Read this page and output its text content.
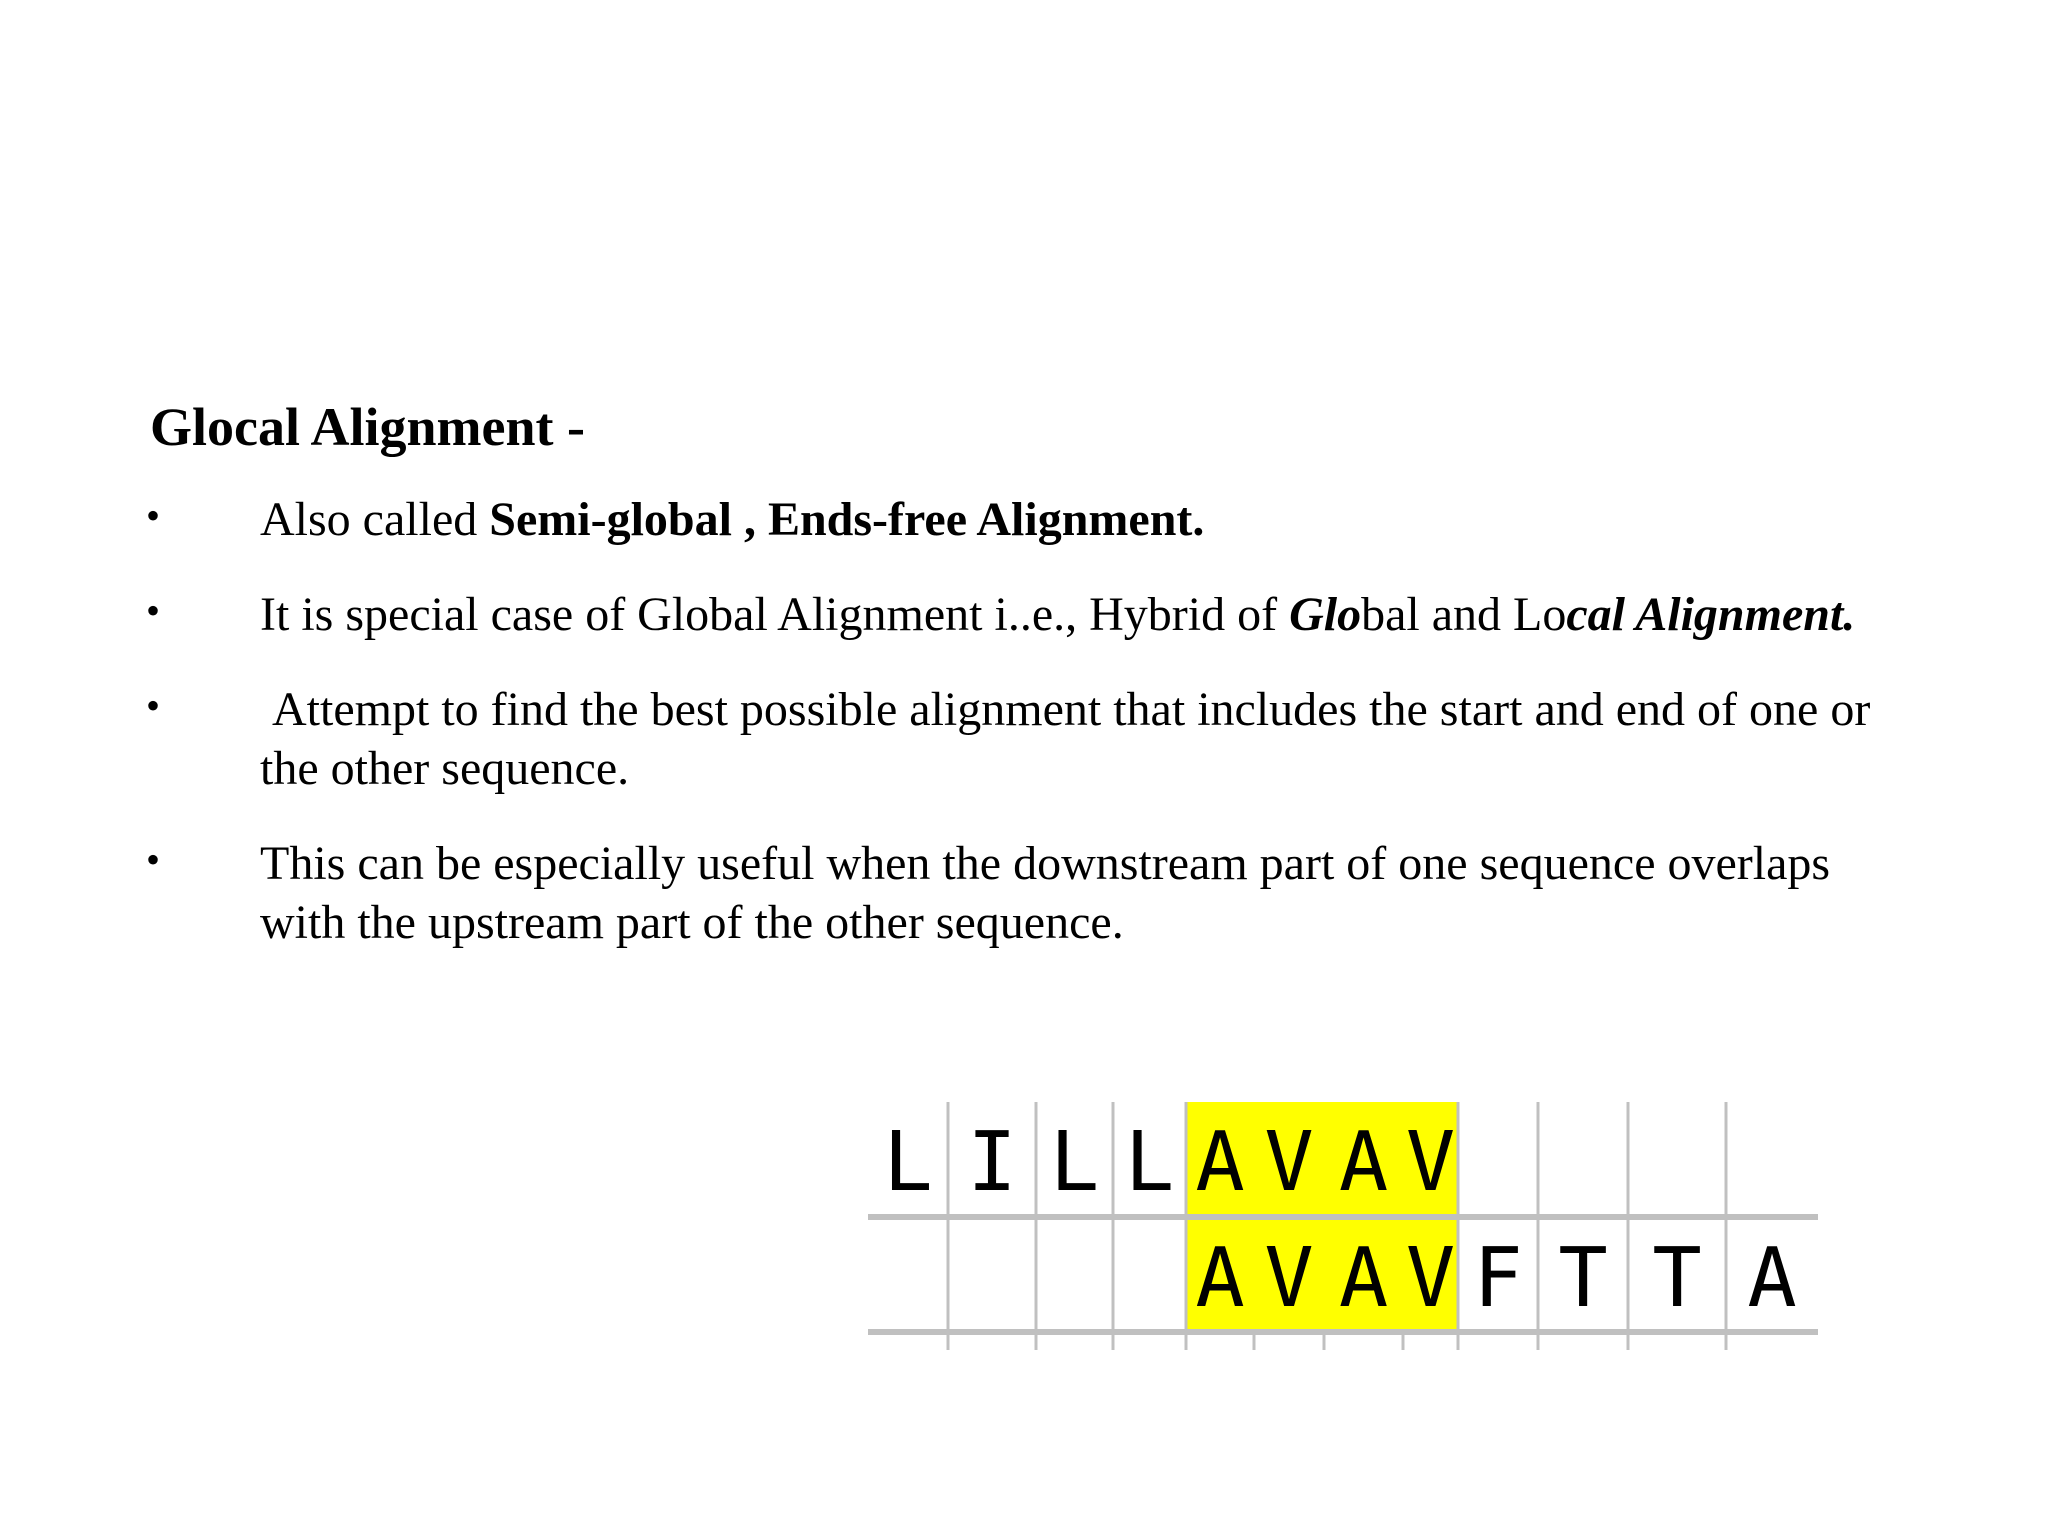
Glocal Alignment -
• Also called Semi-global , Ends-free Alignment.
• It is special case of Global Alignment i..e., Hybrid of Global and Local Alignment.
• Attempt to find the best possible alignment that includes the start and end of one or the other sequence.
• This can be especially useful when the downstream part of one sequence overlaps with the upstream part of the other sequence.
L I L L A V A V
A V A V F T T A
